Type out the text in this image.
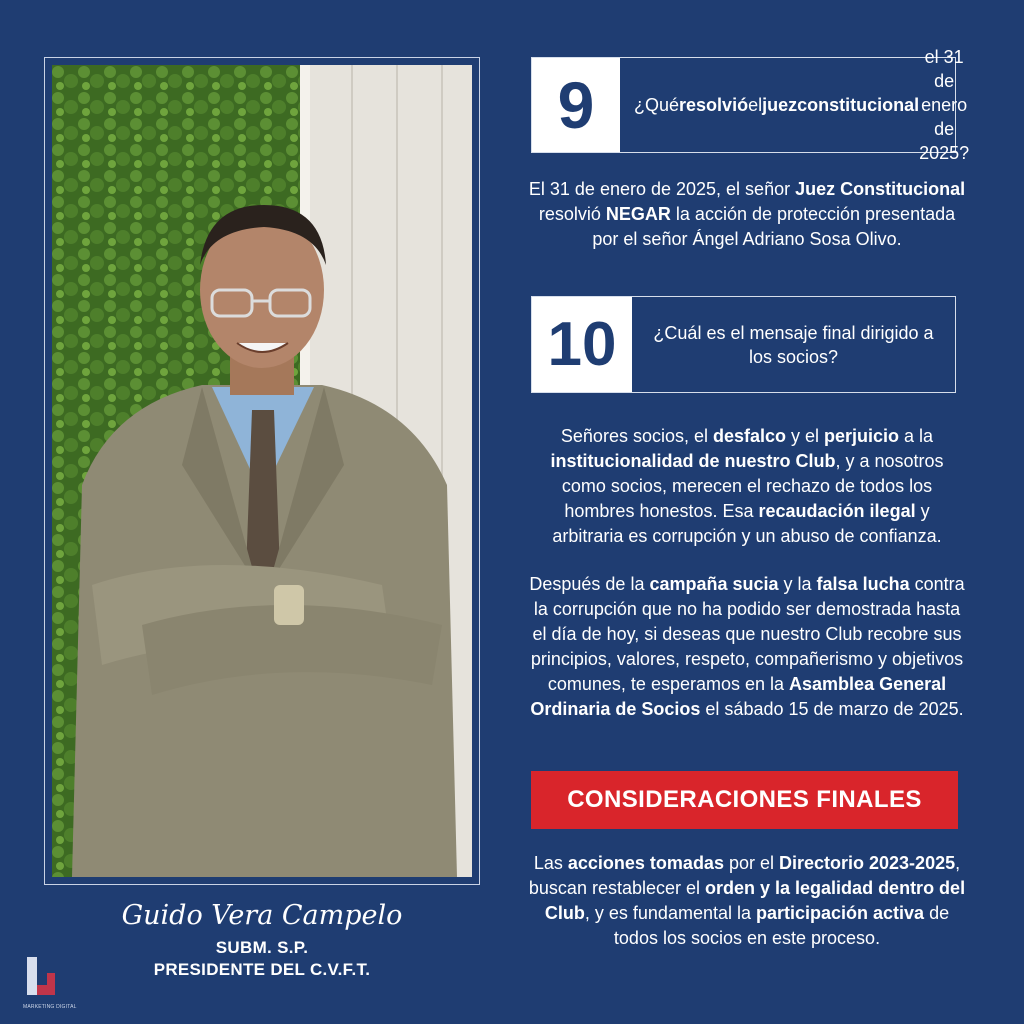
Guido Vera Campelo
SUBM. S.P.
PRESIDENTE DEL C.V.F.T.
MARKETING DIGITAL
9	¿Qué resolvió el juez constitucional
el 31 de enero de 2025?
El 31 de enero de 2025, el señor Juez Constitucional resolvió NEGAR la acción de protección presentada por el señor Ángel Adriano Sosa Olivo.
10	¿Cuál es el mensaje final dirigido a los socios?
Señores socios, el desfalco y el perjuicio a la institucionalidad de nuestro Club, y a nosotros como socios, merecen el rechazo de todos los hombres honestos. Esa recaudación ilegal y arbitraria es corrupción y un abuso de confianza.
Después de la campaña sucia y la falsa lucha contra la corrupción que no ha podido ser demostrada hasta el día de hoy, si deseas que nuestro Club recobre sus principios, valores, respeto, compañerismo y objetivos comunes, te esperamos en la Asamblea General Ordinaria de Socios el sábado 15 de marzo de 2025.
CONSIDERACIONES FINALES
Las acciones tomadas por el Directorio 2023-2025, buscan restablecer el orden y la legalidad dentro del Club, y es fundamental la participación activa de todos los socios en este proceso.
